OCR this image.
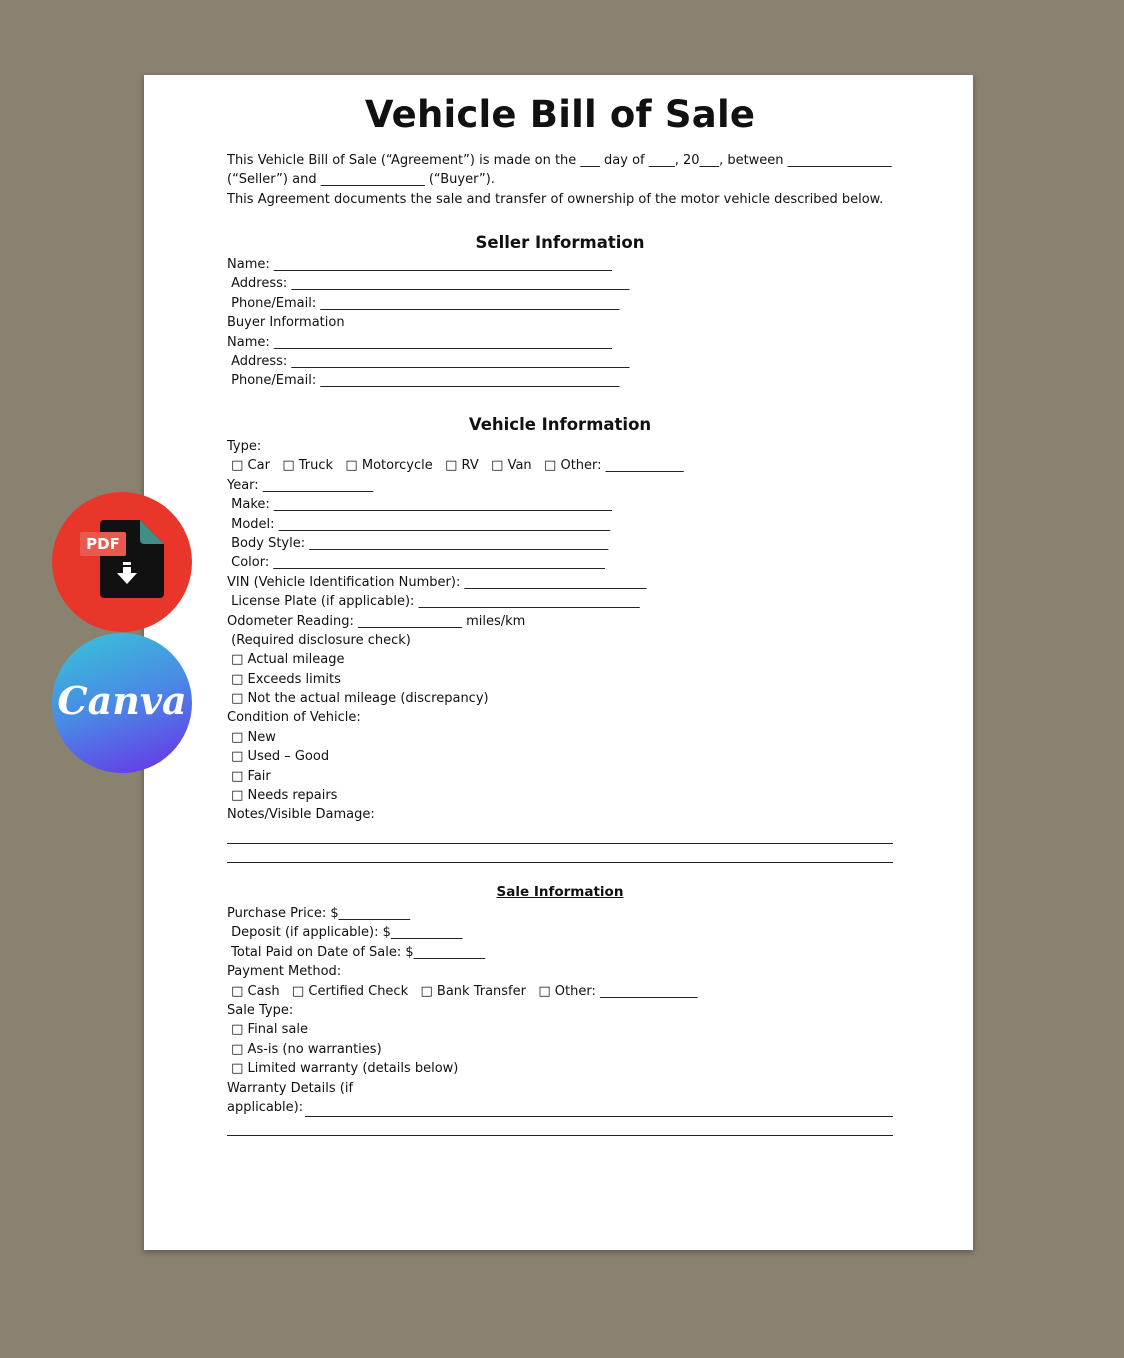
Vehicle Bill of Sale
This Vehicle Bill of Sale (“Agreement”) is made on the ___ day of ____, 20___, between ________________
(“Seller”) and ________________ (“Buyer”).
This Agreement documents the sale and transfer of ownership of the motor vehicle described below.
Seller Information
Name: ____________________________________________________
Address: ____________________________________________________
Phone/Email: ______________________________________________
Buyer Information
Name: ____________________________________________________
Address: ____________________________________________________
Phone/Email: ______________________________________________
Vehicle Information
Type:
□ Car   □ Truck   □ Motorcycle   □ RV   □ Van   □ Other: ____________
Year: _________________
Make: ____________________________________________________
Model: ___________________________________________________
Body Style: ______________________________________________
Color: ___________________________________________________
VIN (Vehicle Identification Number): ____________________________
License Plate (if applicable): __________________________________
Odometer Reading: ________________ miles/km
(Required disclosure check)
□ Actual mileage
□ Exceeds limits
□ Not the actual mileage (discrepancy)
Condition of Vehicle:
□ New
□ Used – Good
□ Fair
□ Needs repairs
Notes/Visible Damage:
Sale Information
Purchase Price: $___________
Deposit (if applicable): $___________
Total Paid on Date of Sale: $___________
Payment Method:
□ Cash   □ Certified Check   □ Bank Transfer   □ Other: _______________
Sale Type:
□ Final sale
□ As-is (no warranties)
□ Limited warranty (details below)
Warranty Details (if
applicable):
PDF
Canva
